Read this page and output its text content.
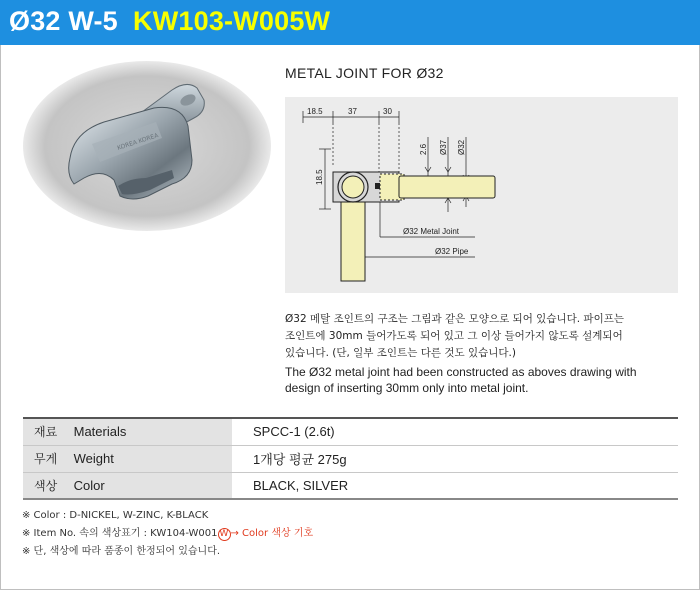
Ø32 W-5 KW103-W005W
KOREA KOREA
METAL JOINT FOR Ø32
18.5	37	30
18.5
2.6 Ø37 Ø32
Ø32 Metal Joint
Ø32 Pipe
Ø32 메탈 조인트의 구조는 그림과 같은 모양으로 되어 있습니다. 파이프는
조인트에 30mm 들어가도록 되어 있고 그 이상 들어가지 않도록 설계되어
있습니다. (단, 일부 조인트는 다른 것도 있습니다.)
The Ø32 metal joint had been constructed as aboves drawing with
design of inserting 30mm only into metal joint.
재료 Materials	SPCC-1 (2.6t)
무게 Weight	1개당 평균 275g
색상 Color	BLACK, SILVER
※ Color : D-NICKEL, W-ZINC, K-BLACK
※ Item No. 속의 색상표기 : KW104-W001 W → Color 색상 기호
※ 단, 색상에 따라 품종이 한정되어 있습니다.
